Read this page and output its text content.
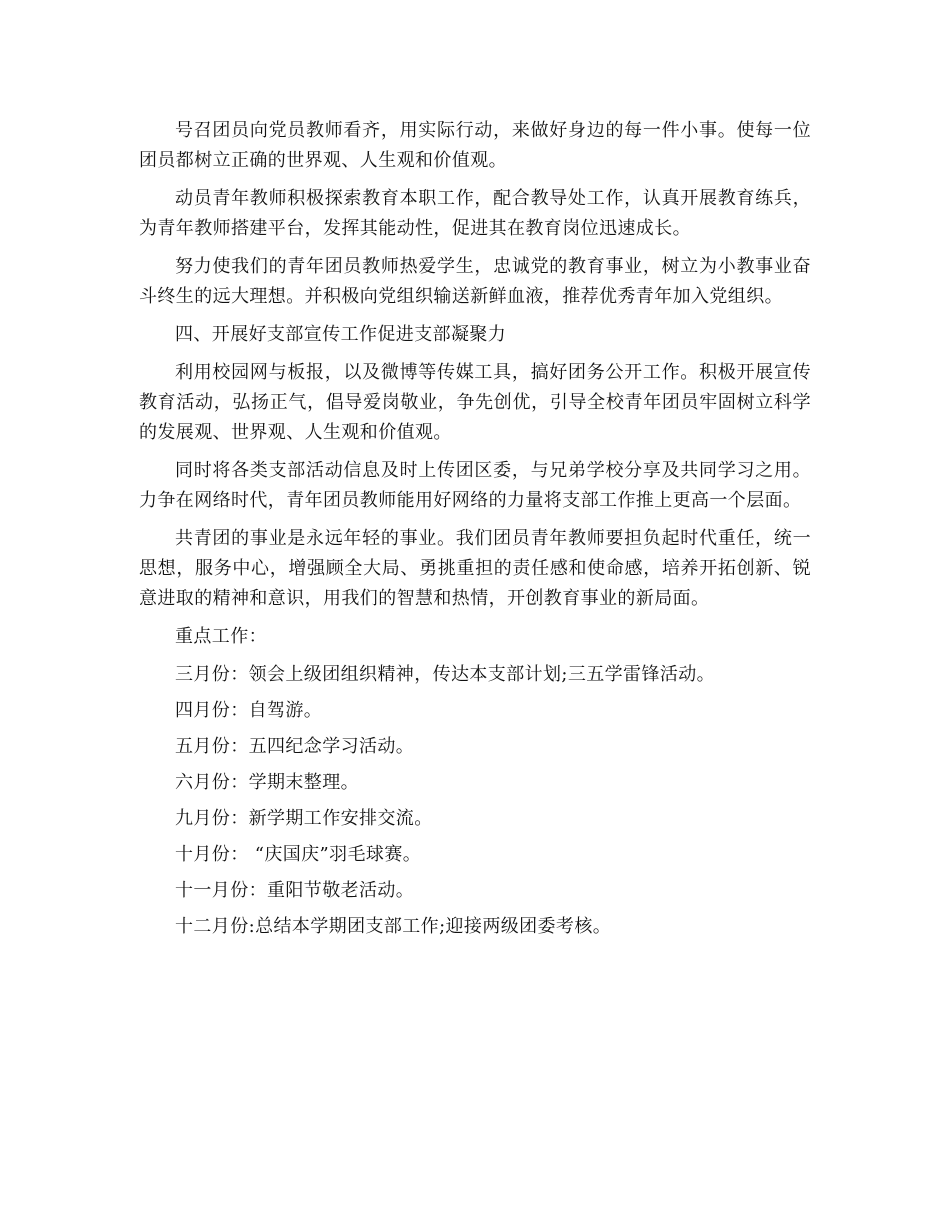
号召团员向党员教师看齐，用实际行动，来做好身边的每一件小事。使每一位团员都树立正确的世界观、人生观和价值观。

动员青年教师积极探索教育本职工作，配合教导处工作，认真开展教育练兵，为青年教师搭建平台，发挥其能动性，促进其在教育岗位迅速成长。

努力使我们的青年团员教师热爱学生，忠诚党的教育事业，树立为小教事业奋斗终生的远大理想。并积极向党组织输送新鲜血液，推荐优秀青年加入党组织。

四、开展好支部宣传工作促进支部凝聚力

利用校园网与板报，以及微博等传媒工具，搞好团务公开工作。积极开展宣传教育活动，弘扬正气，倡导爱岗敬业，争先创优，引导全校青年团员牢固树立科学的发展观、世界观、人生观和价值观。

同时将各类支部活动信息及时上传团区委，与兄弟学校分享及共同学习之用。力争在网络时代，青年团员教师能用好网络的力量将支部工作推上更高一个层面。

共青团的事业是永远年轻的事业。我们团员青年教师要担负起时代重任，统一思想，服务中心，增强顾全大局、勇挑重担的责任感和使命感，培养开拓创新、锐意进取的精神和意识，用我们的智慧和热情，开创教育事业的新局面。

重点工作：

三月份：领会上级团组织精神，传达本支部计划;三五学雷锋活动。
四月份：自驾游。
五月份：五四纪念学习活动。
六月份：学期末整理。
九月份：新学期工作安排交流。
十月份： “庆国庆”羽毛球赛。
十一月份：重阳节敬老活动。
十二月份:总结本学期团支部工作;迎接两级团委考核。
